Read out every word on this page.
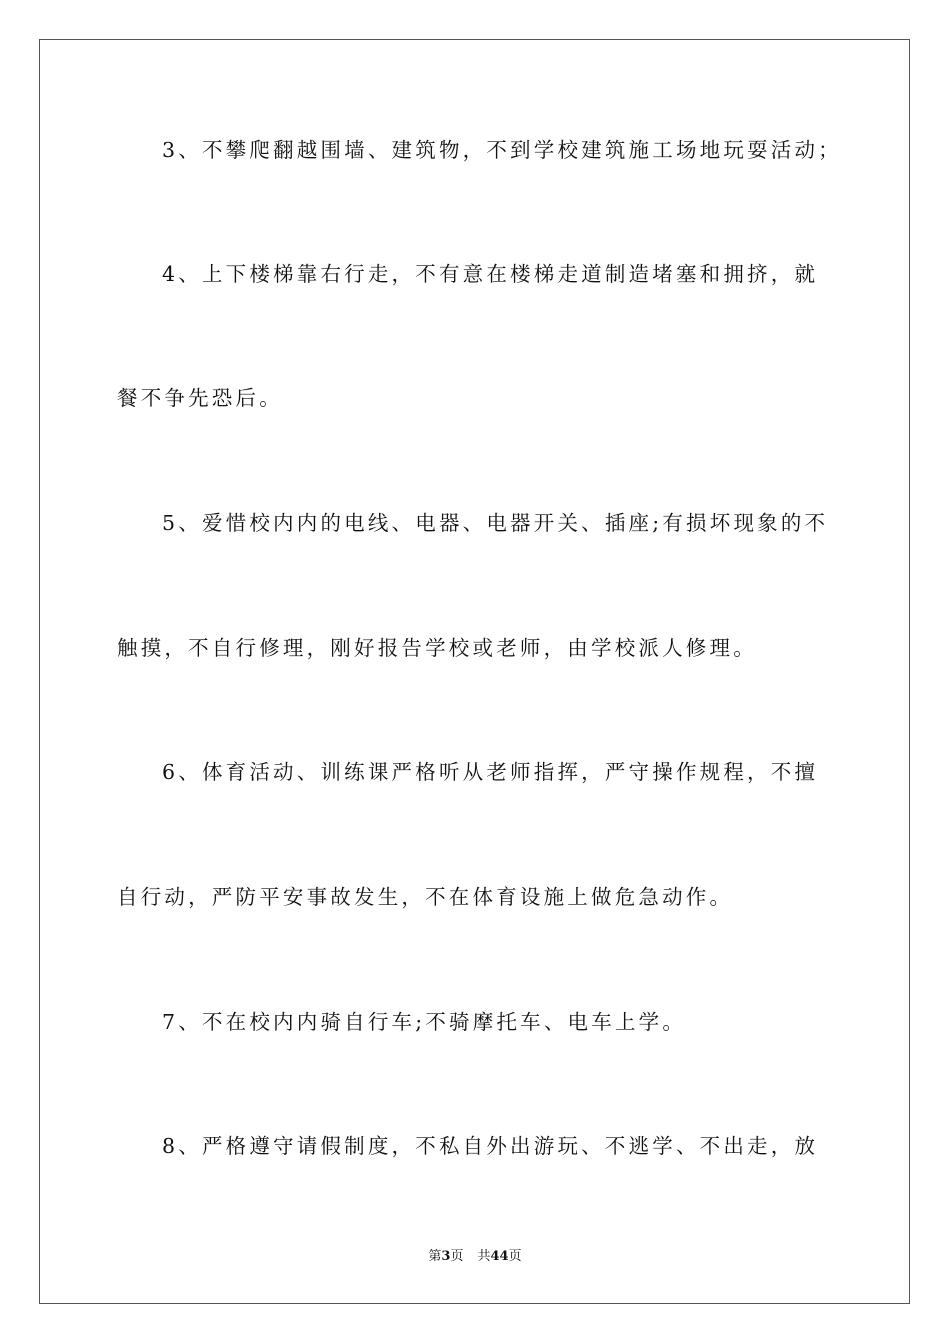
3、不攀爬翻越围墙、建筑物，不到学校建筑施工场地玩耍活动；
4、上下楼梯靠右行走，不有意在楼梯走道制造堵塞和拥挤，就
餐不争先恐后。
5、爱惜校内内的电线、电器、电器开关、插座;有损坏现象的不
触摸，不自行修理，刚好报告学校或老师，由学校派人修理。
6、体育活动、训练课严格听从老师指挥，严守操作规程，不擅
自行动，严防平安事故发生，不在体育设施上做危急动作。
7、不在校内内骑自行车;不骑摩托车、电车上学。
8、严格遵守请假制度，不私自外出游玩、不逃学、不出走，放
第3页 共44页
